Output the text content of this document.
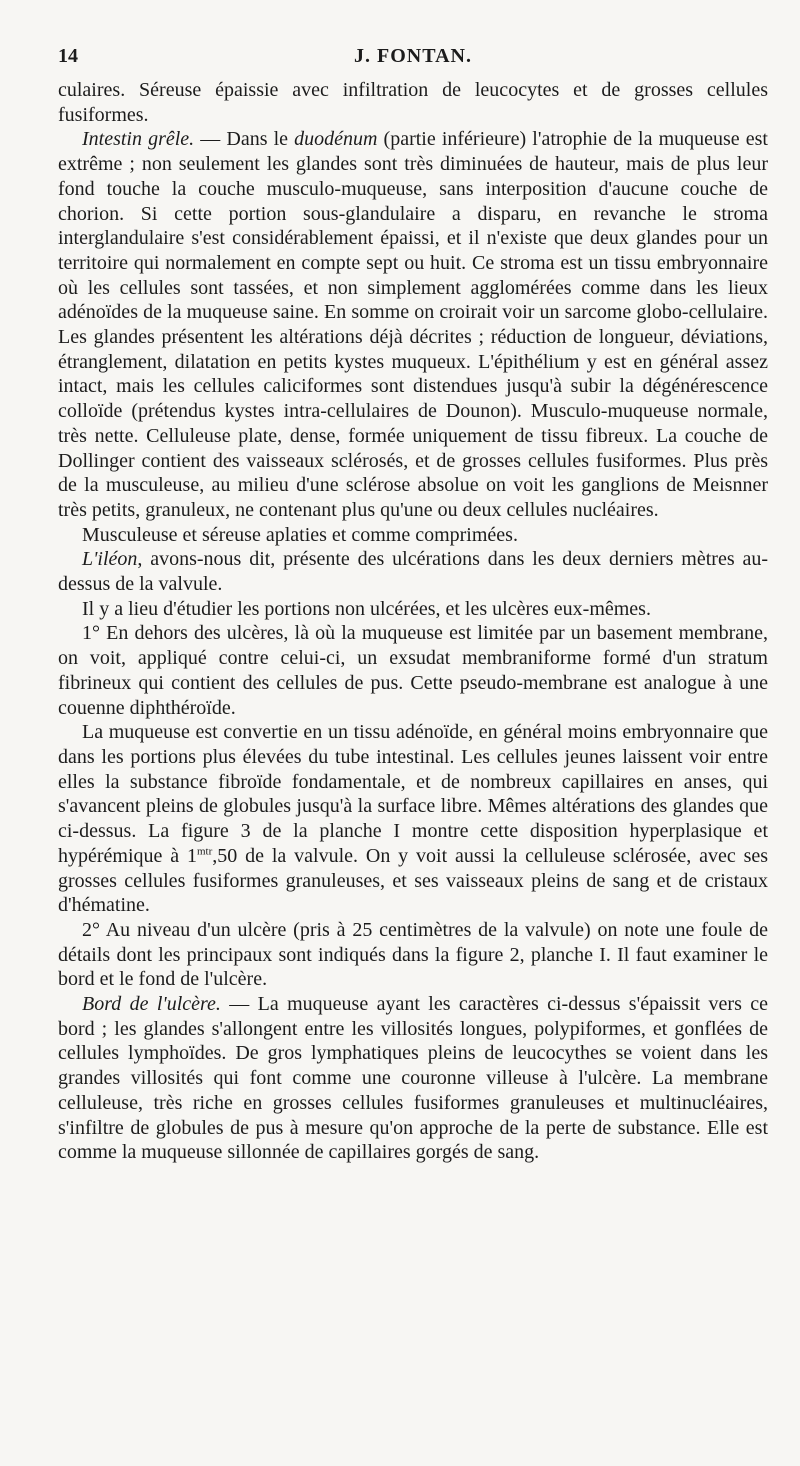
14	J. FONTAN.

culaires. Séreuse épaissie avec infiltration de leucocytes et de grosses cellules fusiformes.

Intestin grêle. — Dans le duodénum (partie inférieure) l'atrophie de la muqueuse est extrême ; non seulement les glandes sont très diminuées de hauteur, mais de plus leur fond touche la couche musculo-muqueuse, sans interposition d'aucune couche de chorion. Si cette portion sous-glandulaire a disparu, en revanche le stroma interglandulaire s'est considérablement épaissi, et il n'existe que deux glandes pour un territoire qui normalement en compte sept ou huit. Ce stroma est un tissu embryonnaire où les cellules sont tassées, et non simplement agglomérées comme dans les lieux adénoïdes de la muqueuse saine. En somme on croirait voir un sarcome globo-cellulaire. Les glandes présentent les altérations déjà décrites ; réduction de longueur, déviations, étranglement, dilatation en petits kystes muqueux. L'épithélium y est en général assez intact, mais les cellules caliciformes sont distendues jusqu'à subir la dégénérescence colloïde (prétendus kystes intra-cellulaires de Dounon). Musculo-muqueuse normale, très nette. Celluleuse plate, dense, formée uniquement de tissu fibreux. La couche de Dollinger contient des vaisseaux sclérosés, et de grosses cellules fusiformes. Plus près de la musculeuse, au milieu d'une sclérose absolue on voit les ganglions de Meisnner très petits, granuleux, ne contenant plus qu'une ou deux cellules nucléaires.

Musculeuse et séreuse aplaties et comme comprimées.

L'iléon, avons-nous dit, présente des ulcérations dans les deux derniers mètres au-dessus de la valvule.

Il y a lieu d'étudier les portions non ulcérées, et les ulcères eux-mêmes.

1° En dehors des ulcères, là où la muqueuse est limitée par un basement membrane, on voit, appliqué contre celui-ci, un exsudat membraniforme formé d'un stratum fibrineux qui contient des cellules de pus. Cette pseudo-membrane est analogue à une couenne diphthéroïde.

La muqueuse est convertie en un tissu adénoïde, en général moins embryonnaire que dans les portions plus élevées du tube intestinal. Les cellules jeunes laissent voir entre elles la substance fibroïde fondamentale, et de nombreux capillaires en anses, qui s'avancent pleins de globules jusqu'à la surface libre. Mêmes altérations des glandes que ci-dessus. La figure 3 de la planche I montre cette disposition hyperplasique et hypérémique à $1^{mtr},50$ de la valvule. On y voit aussi la celluleuse sclérosée, avec ses grosses cellules fusiformes granuleuses, et ses vaisseaux pleins de sang et de cristaux d'hématine.

2° Au niveau d'un ulcère (pris à 25 centimètres de la valvule) on note une foule de détails dont les principaux sont indiqués dans la figure 2, planche I. Il faut examiner le bord et le fond de l'ulcère.

Bord de l'ulcère. — La muqueuse ayant les caractères ci-dessus s'épaissit vers ce bord ; les glandes s'allongent entre les villosités longues, polypiformes, et gonflées de cellules lymphoïdes. De gros lymphatiques pleins de leucocythes se voient dans les grandes villosités qui font comme une couronne villeuse à l'ulcère. La membrane celluleuse, très riche en grosses cellules fusiformes granuleuses et multinucléaires, s'infiltre de globules de pus à mesure qu'on approche de la perte de substance. Elle est comme la muqueuse sillonnée de capillaires gorgés de sang.
